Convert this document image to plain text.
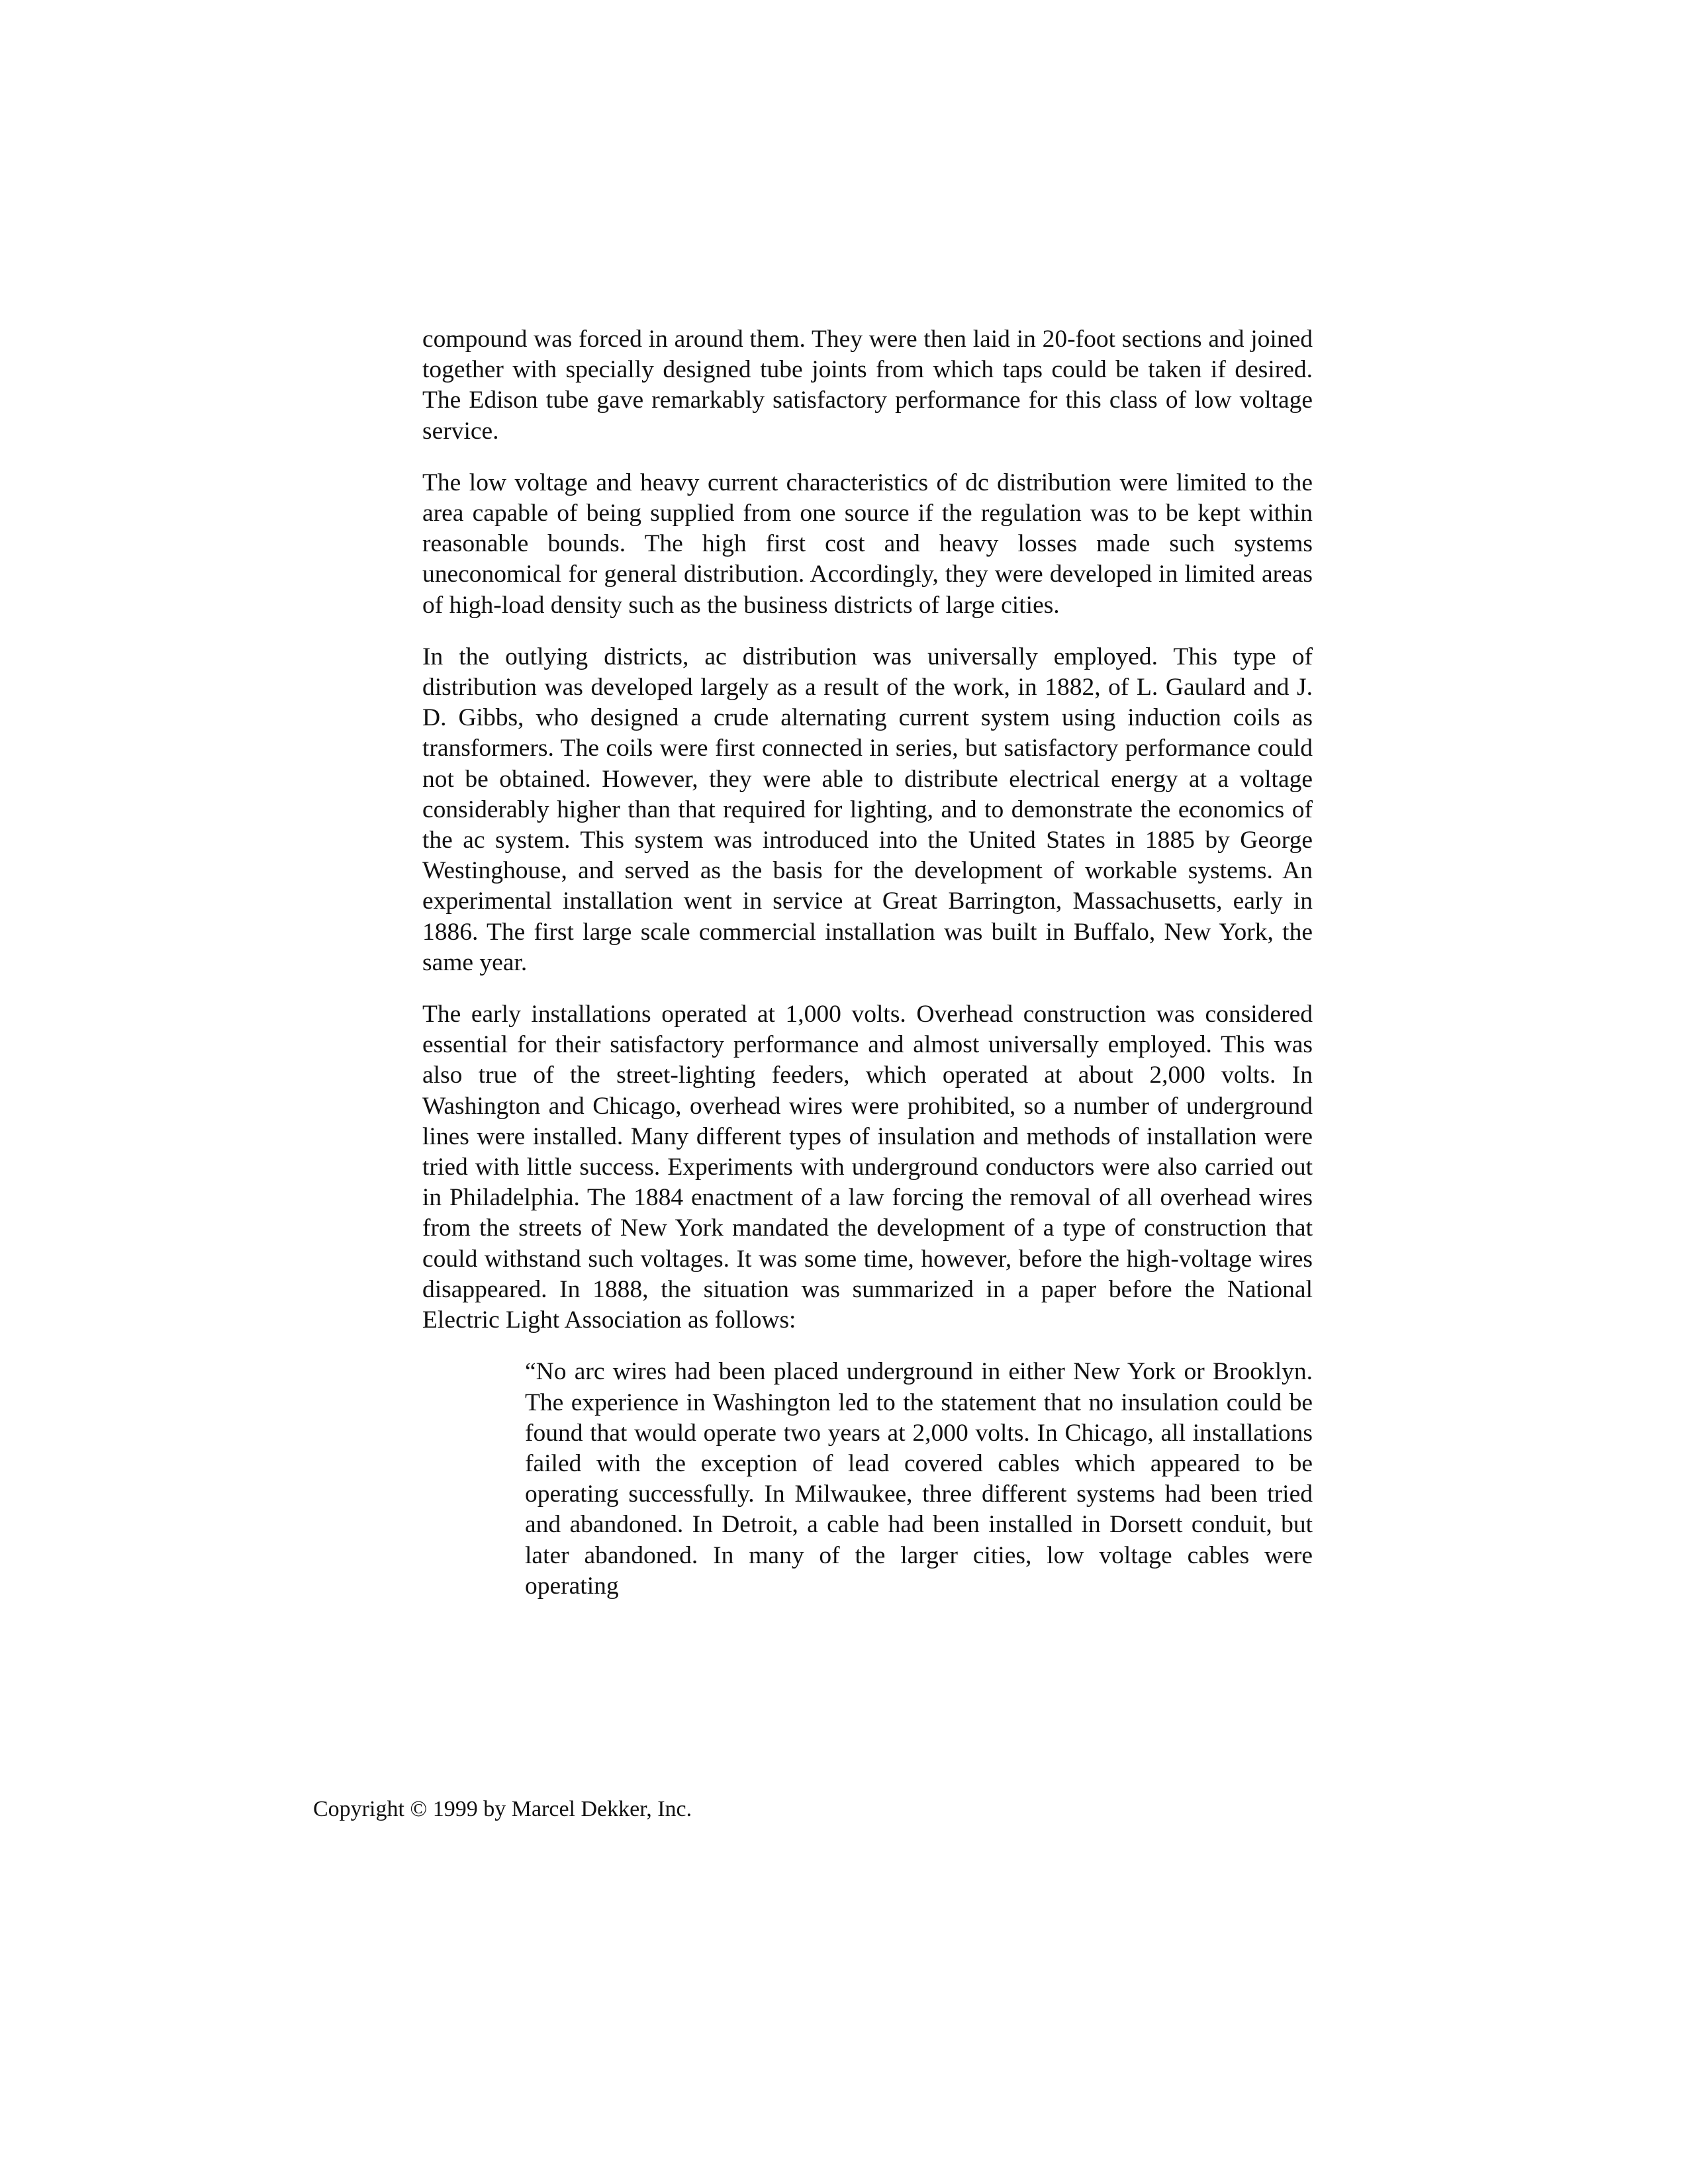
compound was forced in around them. They were then laid in 20-foot sections and joined together with specially designed tube joints from which taps could be taken if desired. The Edison tube gave remarkably satisfactory performance for this class of low voltage service.

The low voltage and heavy current characteristics of dc distribution were limited to the area capable of being supplied from one source if the regulation was to be kept within reasonable bounds. The high first cost and heavy losses made such systems uneconomical for general distribution. Accordingly, they were developed in limited areas of high-load density such as the business districts of large cities.

In the outlying districts, ac distribution was universally employed. This type of distribution was developed largely as a result of the work, in 1882, of L. Gaulard and J. D. Gibbs, who designed a crude alternating current system using induction coils as transformers. The coils were first connected in series, but satisfactory performance could not be obtained. However, they were able to distribute electrical energy at a voltage considerably higher than that required for lighting, and to demonstrate the economics of the ac system. This system was introduced into the United States in 1885 by George Westinghouse, and served as the basis for the development of workable systems. An experimental installation went in service at Great Barrington, Massachusetts, early in 1886. The first large scale commercial installation was built in Buffalo, New York, the same year.

The early installations operated at 1,000 volts. Overhead construction was considered essential for their satisfactory performance and almost universally employed. This was also true of the street-lighting feeders, which operated at about 2,000 volts. In Washington and Chicago, overhead wires were prohibited, so a number of underground lines were installed. Many different types of insulation and methods of installation were tried with little success. Experiments with underground conductors were also carried out in Philadelphia. The 1884 enactment of a law forcing the removal of all overhead wires from the streets of New York mandated the development of a type of construction that could withstand such voltages. It was some time, however, before the high-voltage wires disappeared. In 1888, the situation was summarized in a paper before the National Electric Light Association as follows:

“No arc wires had been placed underground in either New York or Brooklyn. The experience in Washington led to the statement that no insulation could be found that would operate two years at 2,000 volts. In Chicago, all installations failed with the exception of lead covered cables which appeared to be operating successfully. In Milwaukee, three different systems had been tried and abandoned. In Detroit, a cable had been installed in Dorsett conduit, but later abandoned. In many of the larger cities, low voltage cables were operating

Copyright © 1999 by Marcel Dekker, Inc.
